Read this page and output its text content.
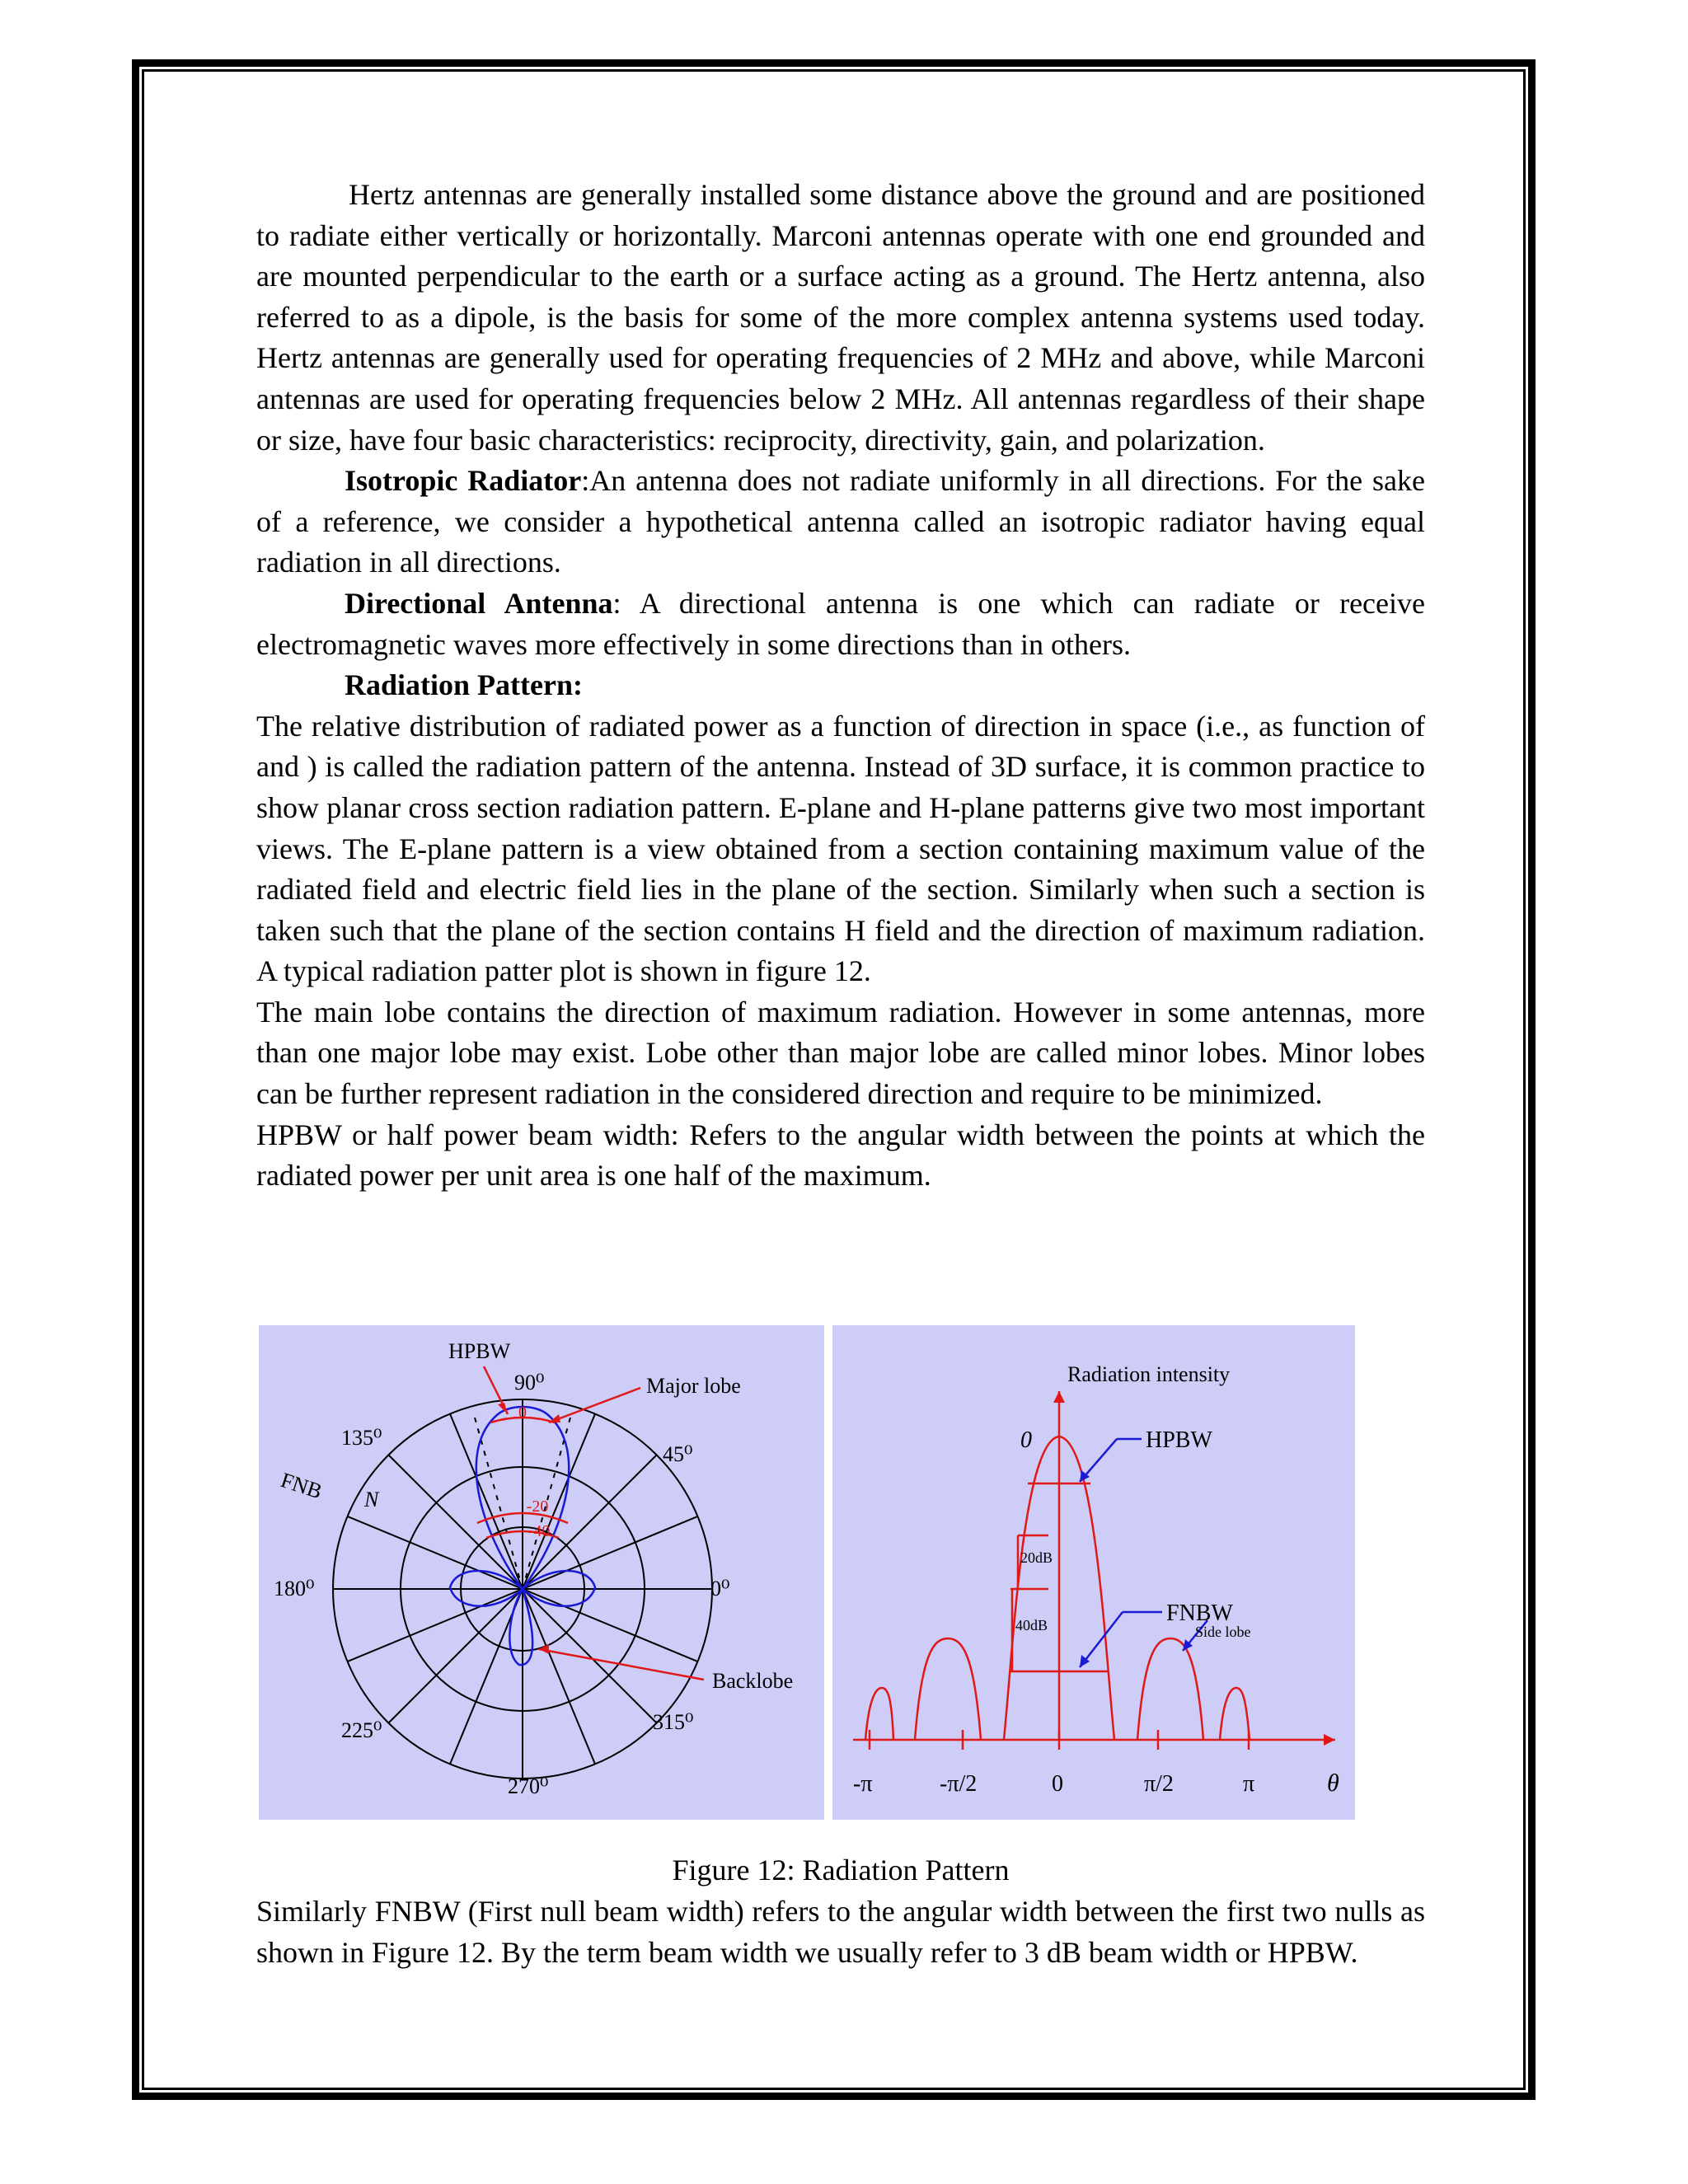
Hertz antennas are generally installed some distance above the ground and are positioned to radiate either vertically or horizontally. Marconi antennas operate with one end grounded and are mounted perpendicular to the earth or a surface acting as a ground. The Hertz antenna, also referred to as a dipole, is the basis for some of the more complex antenna systems used today. Hertz antennas are generally used for operating frequencies of 2 MHz and above, while Marconi antennas are used for operating frequencies below 2 MHz. All antennas regardless of their shape or size, have four basic characteristics: reciprocity, directivity, gain, and polarization.

Isotropic Radiator:An antenna does not radiate uniformly in all directions. For the sake of a reference, we consider a hypothetical antenna called an isotropic radiator having equal radiation in all directions.

Directional Antenna: A directional antenna is one which can radiate or receive electromagnetic waves more effectively in some directions than in others.

Radiation Pattern:

The relative distribution of radiated power as a function of direction in space (i.e., as function of and ) is called the radiation pattern of the antenna. Instead of 3D surface, it is common practice to show planar cross section radiation pattern. E-plane and H-plane patterns give two most important views. The E-plane pattern is a view obtained from a section containing maximum value of the radiated field and electric field lies in the plane of the section. Similarly when such a section is taken such that the plane of the section contains H field and the direction of maximum radiation. A typical radiation patter plot is shown in figure 12.

The main lobe contains the direction of maximum radiation. However in some antennas, more than one major lobe may exist. Lobe other than major lobe are called minor lobes. Minor lobes can be further represent radiation in the considered direction and require to be minimized.

HPBW or half power beam width: Refers to the angular width between the points at which the radiated power per unit area is one half of the maximum.

HPBW
90⁰	Major lobe
135⁰
45⁰
FNB N
180⁰	0⁰
Backlobe
225⁰	315⁰
270⁰
0
-20
-40
Radiation intensity
0	HPBW
20dB
40dB	FNBW
Side lobe
-π	-π/2	0	π/2	π	θ
Figure 12: Radiation Pattern
Similarly FNBW (First null beam width) refers to the angular width between the first two nulls as shown in Figure 12. By the term beam width we usually refer to 3 dB beam width or HPBW.
